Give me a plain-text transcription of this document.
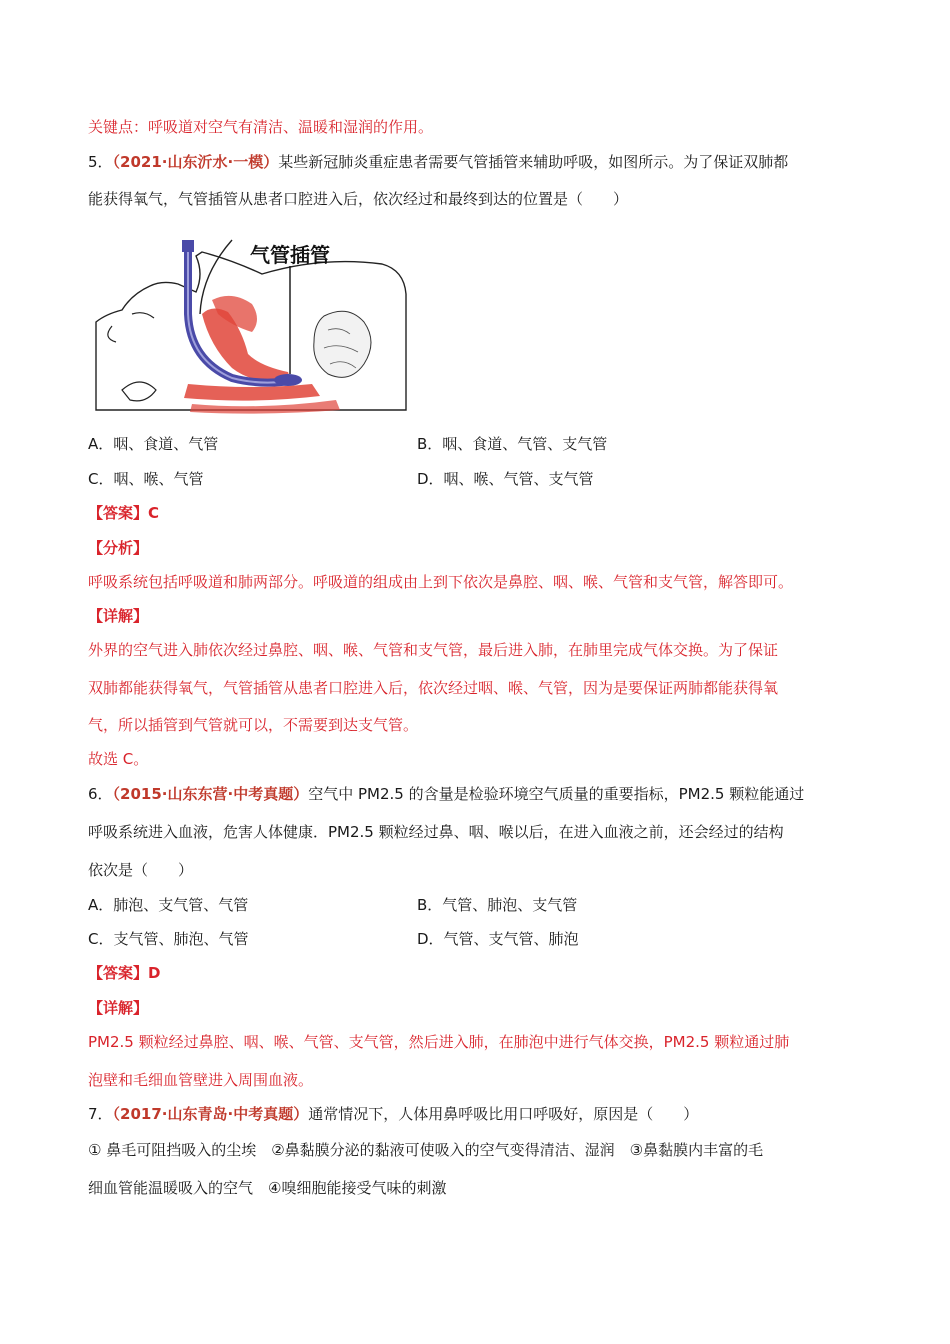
关键点：呼吸道对空气有清洁、温暖和湿润的作用。
5．（2021·山东沂水·一模）某些新冠肺炎重症患者需要气管插管来辅助呼吸，如图所示。为了保证双肺都
能获得氧气，气管插管从患者口腔进入后，依次经过和最终到达的位置是（　　）
气管插管
A．咽、食道、气管	B．咽、食道、气管、支气管
C．咽、喉、气管	D．咽、喉、气管、支气管
【答案】C
【分析】
呼吸系统包括呼吸道和肺两部分。呼吸道的组成由上到下依次是鼻腔、咽、喉、气管和支气管，解答即可。
【详解】
外界的空气进入肺依次经过鼻腔、咽、喉、气管和支气管，最后进入肺，在肺里完成气体交换。为了保证
双肺都能获得氧气，气管插管从患者口腔进入后，依次经过咽、喉、气管，因为是要保证两肺都能获得氧
气，所以插管到气管就可以，不需要到达支气管。
故选 C。
6．（2015·山东东营·中考真题）空气中 PM2.5 的含量是检验环境空气质量的重要指标，PM2.5 颗粒能通过
呼吸系统进入血液，危害人体健康．PM2.5 颗粒经过鼻、咽、喉以后，在进入血液之前，还会经过的结构
依次是（　　）
A．肺泡、支气管、气管	B．气管、肺泡、支气管
C．支气管、肺泡、气管	D．气管、支气管、肺泡
【答案】D
【详解】
PM2.5 颗粒经过鼻腔、咽、喉、气管、支气管，然后进入肺，在肺泡中进行气体交换，PM2.5 颗粒通过肺
泡壁和毛细血管壁进入周围血液。
7．（2017·山东青岛·中考真题）通常情况下，人体用鼻呼吸比用口呼吸好，原因是（　　）
① 鼻毛可阻挡吸入的尘埃　②鼻黏膜分泌的黏液可使吸入的空气变得清洁、湿润　③鼻黏膜内丰富的毛
细血管能温暖吸入的空气　④嗅细胞能接受气味的刺激
